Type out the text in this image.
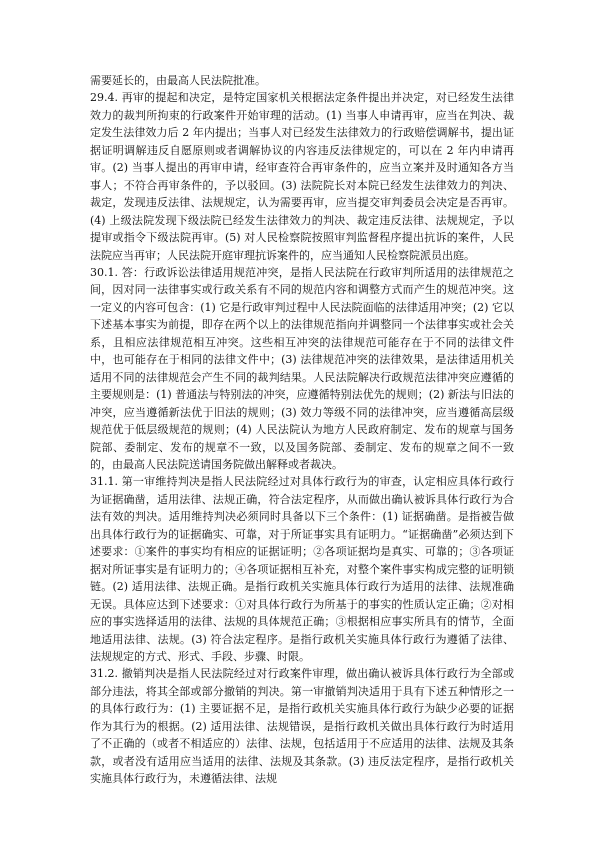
需要延长的，由最高人民法院批准。

29.4. 再审的提起和决定，是特定国家机关根据法定条件提出并决定，对已经发生法律效力的裁判所拘束的行政案件开始审理的活动。(1) 当事人申请再审，应当在判决、裁定发生法律效力后 2 年内提出；当事人对已经发生法律效力的行政赔偿调解书，提出证据证明调解违反自愿原则或者调解协议的内容违反法律规定的，可以在 2 年内申请再审。(2) 当事人提出的再审申请，经审查符合再审条件的，应当立案并及时通知各方当事人；不符合再审条件的，予以驳回。(3) 法院院长对本院已经发生法律效力的判决、裁定，发现违反法律、法规规定，认为需要再审，应当提交审判委员会决定是否再审。(4) 上级法院发现下级法院已经发生法律效力的判决、裁定违反法律、法规规定，予以提审或指令下级法院再审。(5) 对人民检察院按照审判监督程序提出抗诉的案件，人民法院应当再审；人民法院开庭审理抗诉案件的，应当通知人民检察院派员出庭。

30.1. 答：行政诉讼法律适用规范冲突，是指人民法院在行政审判所适用的法律规范之间，因对同一法律事实或行政关系有不同的规范内容和调整方式而产生的规范冲突。这一定义的内容可包含：(1) 它是行政审判过程中人民法院面临的法律适用冲突；(2) 它以下述基本事实为前提，即存在两个以上的法律规范指向并调整同一个法律事实或社会关系，且相应法律规范相互冲突。这些相互冲突的法律规范可能存在于不同的法律文件中，也可能存在于相同的法律文件中；(3) 法律规范冲突的法律效果，是法律适用机关适用不同的法律规范会产生不同的裁判结果。人民法院解决行政规范法律冲突应遵循的主要规则是：(1) 普通法与特别法的冲突，应遵循特别法优先的规则；(2) 新法与旧法的冲突，应当遵循新法优于旧法的规则；(3) 效力等级不同的法律冲突，应当遵循高层级规范优于低层级规范的规则；(4) 人民法院认为地方人民政府制定、发布的规章与国务院部、委制定、发布的规章不一致，以及国务院部、委制定、发布的规章之间不一致的，由最高人民法院送请国务院做出解释或者裁决。

31.1. 第一审维持判决是指人民法院经过对具体行政行为的审查，认定相应具体行政行为证据确凿，适用法律、法规正确，符合法定程序，从而做出确认被诉具体行政行为合法有效的判决。适用维持判决必须同时具备以下三个条件：(1) 证据确凿。是指被告做出具体行政行为的证据确实、可靠，对于所证事实具有证明力。“证据确凿”必须达到下述要求：①案件的事实均有相应的证据证明；②各项证据均是真实、可靠的；③各项证据对所证事实是有证明力的；④各项证据相互补充，对整个案件事实构成完整的证明锁链。(2) 适用法律、法规正确。是指行政机关实施具体行政行为适用的法律、法规准确无误。具体应达到下述要求：①对具体行政行为所基于的事实的性质认定正确；②对相应的事实选择适用的法律、法规的具体规范正确；③根据相应事实所具有的情节，全面地适用法律、法规。(3) 符合法定程序。是指行政机关实施具体行政行为遵循了法律、法规规定的方式、形式、手段、步骤、时限。

31.2. 撤销判决是指人民法院经过对行政案件审理，做出确认被诉具体行政行为全部或部分违法，将其全部或部分撤销的判决。第一审撤销判决适用于具有下述五种情形之一的具体行政行为：(1) 主要证据不足，是指行政机关实施具体行政行为缺少必要的证据作为其行为的根据。(2) 适用法律、法规错误，是指行政机关做出具体行政行为时适用了不正确的（或者不相适应的）法律、法规，包括适用于不应适用的法律、法规及其条款，或者没有适用应当适用的法律、法规及其条款。(3) 违反法定程序，是指行政机关实施具体行政行为，未遵循法律、法规
